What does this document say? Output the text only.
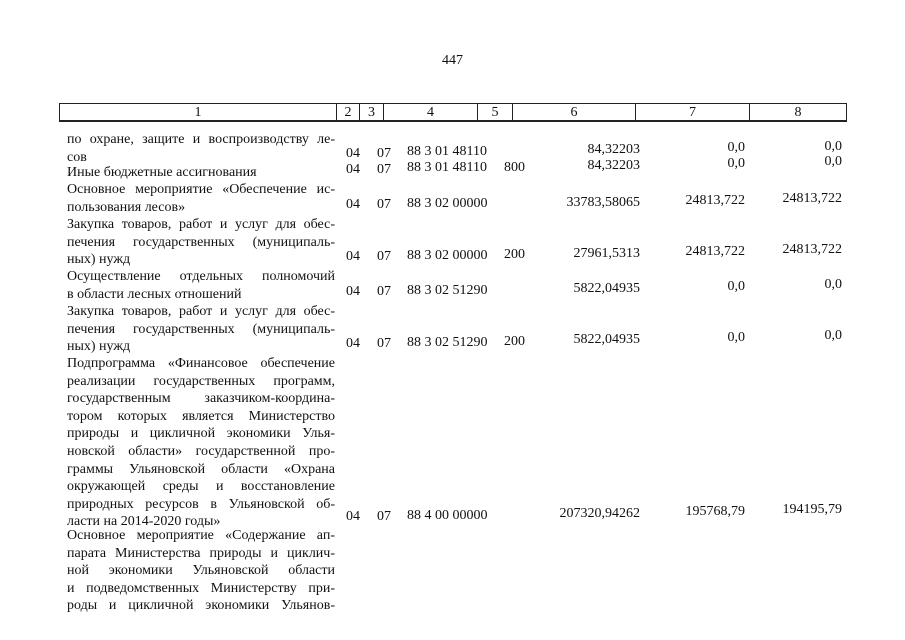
447
1	2	3	4	5	6	7	8
по охране, защите и воспроизводству ле-
сов	04 07 88 3 01 48110	84,32203	0,0	0,0
Иные бюджетные ассигнования	04 07 88 3 01 48110 800	84,32203	0,0	0,0
Основное мероприятие «Обеспечение ис-
пользования лесов»	04 07 88 3 02 00000	33783,58065	24813,722	24813,722
Закупка товаров, работ и услуг для обес-
печения государственных (муниципаль-
ных) нужд	04 07 88 3 02 00000 200	27961,5313	24813,722	24813,722
Осуществление отдельных полномочий
в области лесных отношений	04 07 88 3 02 51290	5822,04935	0,0	0,0
Закупка товаров, работ и услуг для обес-
печения государственных (муниципаль-
ных) нужд	04 07 88 3 02 51290 200	5822,04935	0,0	0,0
Подпрограмма «Финансовое обеспечение
реализации государственных программ,
государственным заказчиком-координа-
тором которых является Министерство
природы и цикличной экономики Улья-
новской области» государственной про-
граммы Ульяновской области «Охрана
окружающей среды и восстановление
природных ресурсов в Ульяновской об-
ласти на 2014-2020 годы»	04 07 88 4 00 00000	207320,94262	195768,79	194195,79
Основное мероприятие «Содержание ап-
парата Министерства природы и циклич-
ной экономики Ульяновской области
и подведомственных Министерству при-
роды и цикличной экономики Ульянов-
